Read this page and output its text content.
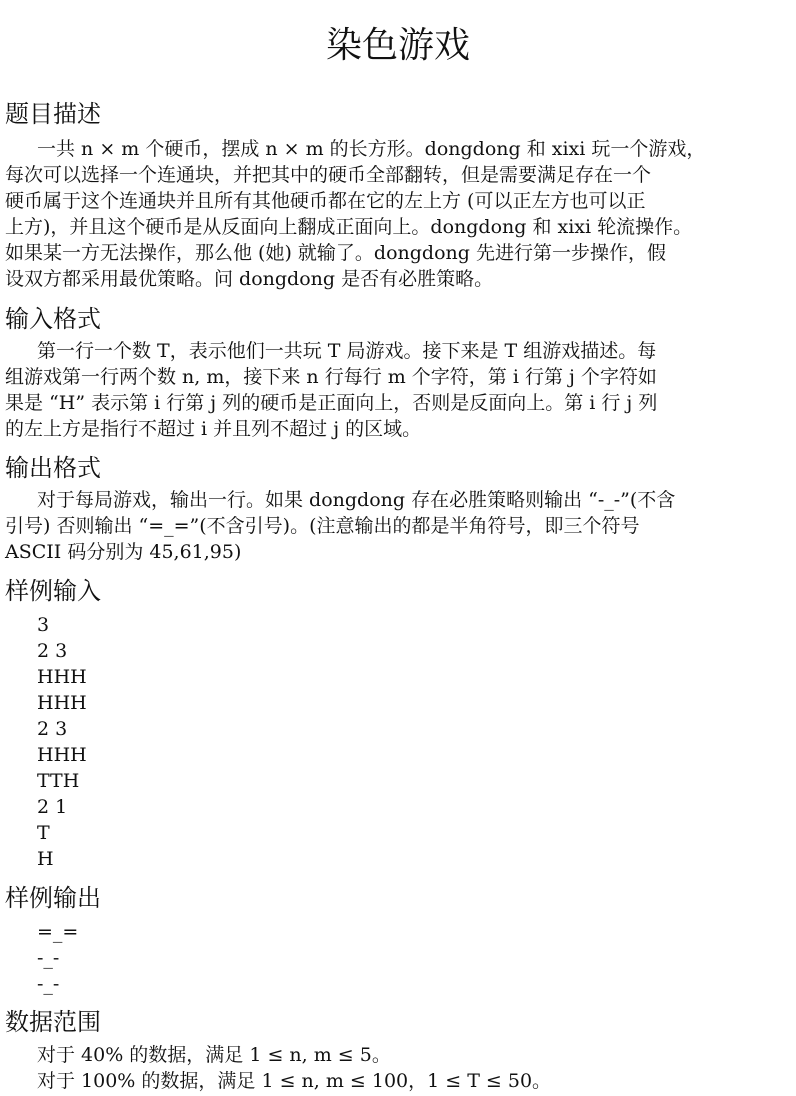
染色游戏
题目描述
一共 n × m 个硬币，摆成 n × m 的长方形。dongdong 和 xixi 玩一个游戏，
每次可以选择一个连通块，并把其中的硬币全部翻转，但是需要满足存在一个
硬币属于这个连通块并且所有其他硬币都在它的左上方 (可以正左方也可以正
上方)，并且这个硬币是从反面向上翻成正面向上。dongdong 和 xixi 轮流操作。
如果某一方无法操作，那么他 (她) 就输了。dongdong 先进行第一步操作，假
设双方都采用最优策略。问 dongdong 是否有必胜策略。
输入格式
第一行一个数 T，表示他们一共玩 T 局游戏。接下来是 T 组游戏描述。每
组游戏第一行两个数 n, m，接下来 n 行每行 m 个字符，第 i 行第 j 个字符如
果是 “H” 表示第 i 行第 j 列的硬币是正面向上，否则是反面向上。第 i 行 j 列
的左上方是指行不超过 i 并且列不超过 j 的区域。
输出格式
对于每局游戏，输出一行。如果 dongdong 存在必胜策略则输出 “-_-”(不含
引号) 否则输出 “=_=”(不含引号)。(注意输出的都是半角符号，即三个符号
ASCII 码分别为 45,61,95)
样例输入
3
2 3
HHH
HHH
2 3
HHH
TTH
2 1
T
H
样例输出
=_=
-_-
-_-
数据范围
对于 40% 的数据，满足 1 ≤ n, m ≤ 5。
对于 100% 的数据，满足 1 ≤ n, m ≤ 100，1 ≤ T ≤ 50。
